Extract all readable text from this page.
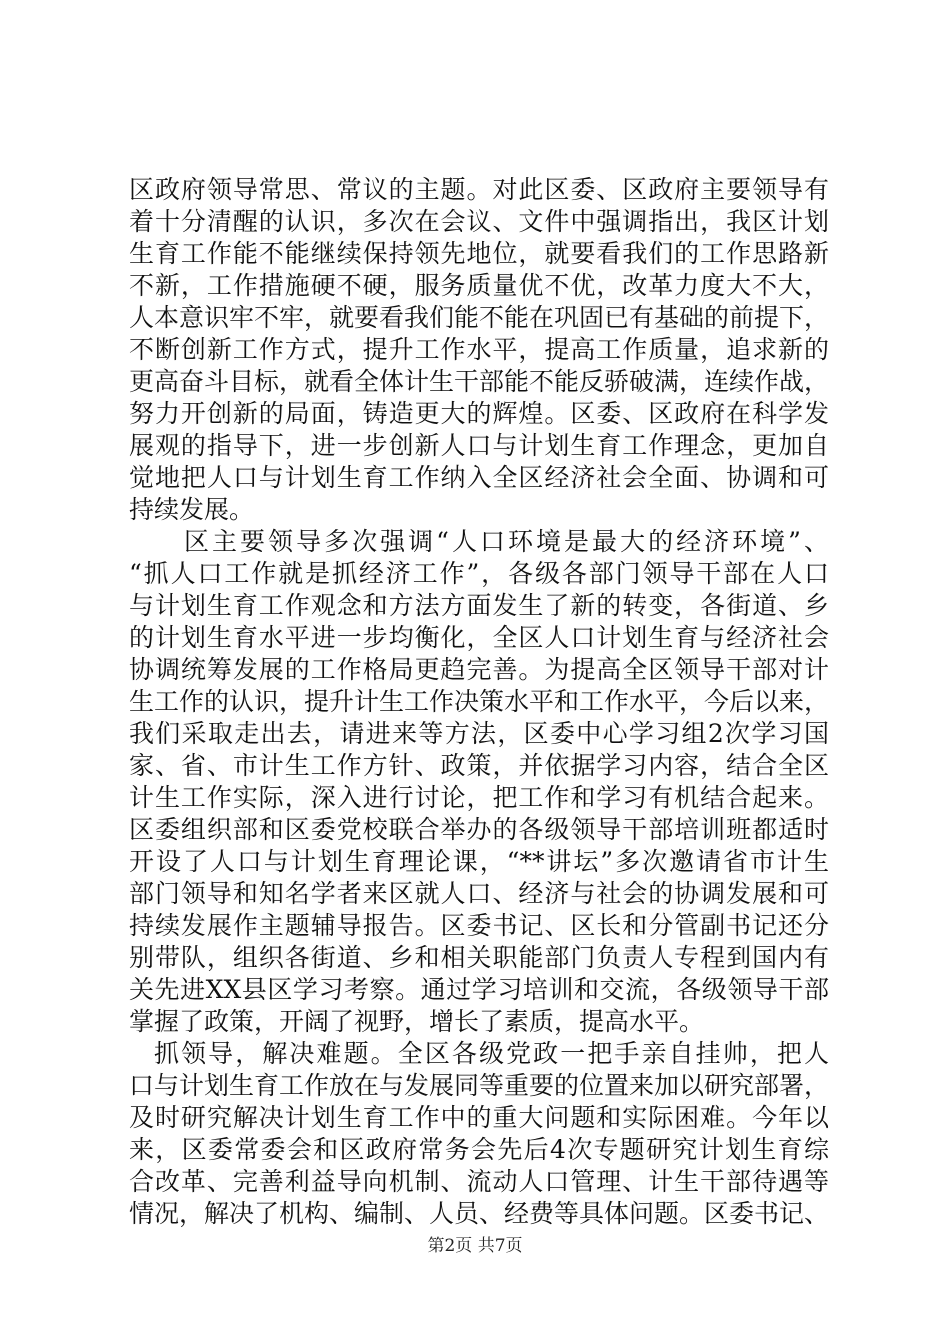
区政府领导常思、常议的主题。对此区委、区政府主要领导有
着十分清醒的认识，多次在会议、文件中强调指出，我区计划
生育工作能不能继续保持领先地位，就要看我们的工作思路新
不新，工作措施硬不硬，服务质量优不优，改革力度大不大，
人本意识牢不牢，就要看我们能不能在巩固已有基础的前提下，
不断创新工作方式，提升工作水平，提高工作质量，追求新的
更高奋斗目标，就看全体计生干部能不能反骄破满，连续作战，
努力开创新的局面，铸造更大的辉煌。区委、区政府在科学发
展观的指导下，进一步创新人口与计划生育工作理念，更加自
觉地把人口与计划生育工作纳入全区经济社会全面、协调和可
持续发展。
区主要领导多次强调“人口环境是最大的经济环境”、
“抓人口工作就是抓经济工作”，各级各部门领导干部在人口
与计划生育工作观念和方法方面发生了新的转变，各街道、乡
的计划生育水平进一步均衡化，全区人口计划生育与经济社会
协调统筹发展的工作格局更趋完善。为提高全区领导干部对计
生工作的认识，提升计生工作决策水平和工作水平，今后以来，
我们采取走出去，请进来等方法，区委中心学习组2次学习国
家、省、市计生工作方针、政策，并依据学习内容，结合全区
计生工作实际，深入进行讨论，把工作和学习有机结合起来。
区委组织部和区委党校联合举办的各级领导干部培训班都适时
开设了人口与计划生育理论课，“**讲坛”多次邀请省市计生
部门领导和知名学者来区就人口、经济与社会的协调发展和可
持续发展作主题辅导报告。区委书记、区长和分管副书记还分
别带队，组织各街道、乡和相关职能部门负责人专程到国内有
关先进XX县区学习考察。通过学习培训和交流，各级领导干部
掌握了政策，开阔了视野，增长了素质，提高水平。
抓领导，解决难题。全区各级党政一把手亲自挂帅，把人
口与计划生育工作放在与发展同等重要的位置来加以研究部署，
及时研究解决计划生育工作中的重大问题和实际困难。今年以
来，区委常委会和区政府常务会先后4次专题研究计划生育综
合改革、完善利益导向机制、流动人口管理、计生干部待遇等
情况，解决了机构、编制、人员、经费等具体问题。区委书记、
第2页 共7页
